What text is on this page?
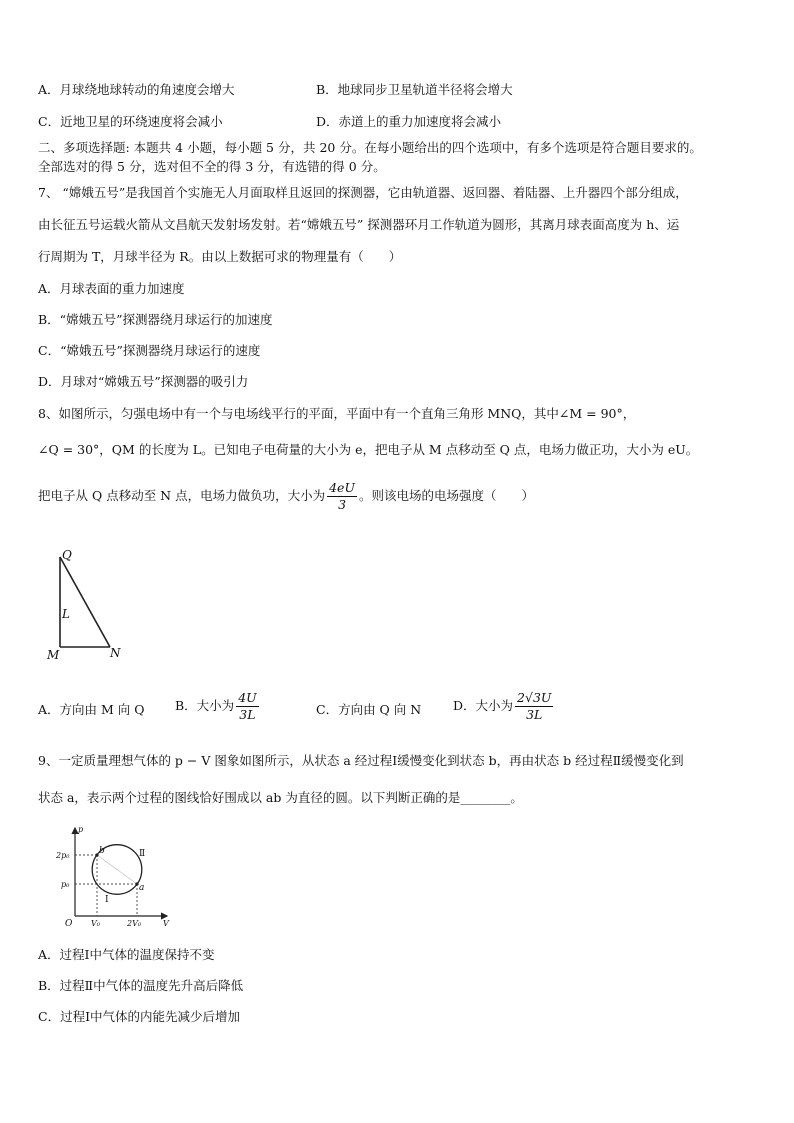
A．月球绕地球转动的角速度会增大	B．地球同步卫星轨道半径将会增大
C．近地卫星的环绕速度将会减小	D．赤道上的重力加速度将会减小
二、多项选择题: 本题共 4 小题，每小题 5 分，共 20 分。在每小题给出的四个选项中，有多个选项是符合题目要求的。
全部选对的得 5 分，选对但不全的得 3 分，有选错的得 0 分。
7、 “嫦娥五号”是我国首个实施无人月面取样且返回的探测器，它由轨道器、返回器、着陆器、上升器四个部分组成，
由长征五号运载火箭从文昌航天发射场发射。若“嫦娥五号” 探测器环月工作轨道为圆形，其离月球表面高度为 h、运
行周期为 T，月球半径为 R。由以上数据可求的物理量有（　　）
A．月球表面的重力加速度
B．“嫦娥五号”探测器绕月球运行的加速度
C．“嫦娥五号”探测器绕月球运行的速度
D．月球对“嫦娥五号”探测器的吸引力
8、如图所示，匀强电场中有一个与电场线平行的平面，平面中有一个直角三角形 MNQ，其中∠M = 90°，
∠Q = 30°，QM 的长度为 L。已知电子电荷量的大小为 e，把电子从 M 点移动至 Q 点，电场力做正功，大小为 eU。
把电子从 Q 点移动至 N 点，电场力做负功，大小为 $\frac{4eU}{3}$ 。则该电场的电场强度（　　）
Q
L
M	N
A．方向由 M 向 Q B．大小为 $\frac{4U}{3L}$	C．方向由 Q 向 N	D．大小为 $\frac{2√3U}{3L}$
9、一定质量理想气体的 p − V 图象如图所示，从状态 a 经过程Ⅰ缓慢变化到状态 b，再由状态 b 经过程Ⅱ缓慢变化到
状态 a，表示两个过程的图线恰好围成以 ab 为直径的圆。以下判断正确的是________。
p
V
O
2p₀
p₀
V₀	2V₀
a
b
Ⅰ
Ⅱ
A．过程Ⅰ中气体的温度保持不变
B．过程Ⅱ中气体的温度先升高后降低
C．过程Ⅰ中气体的内能先减少后增加
